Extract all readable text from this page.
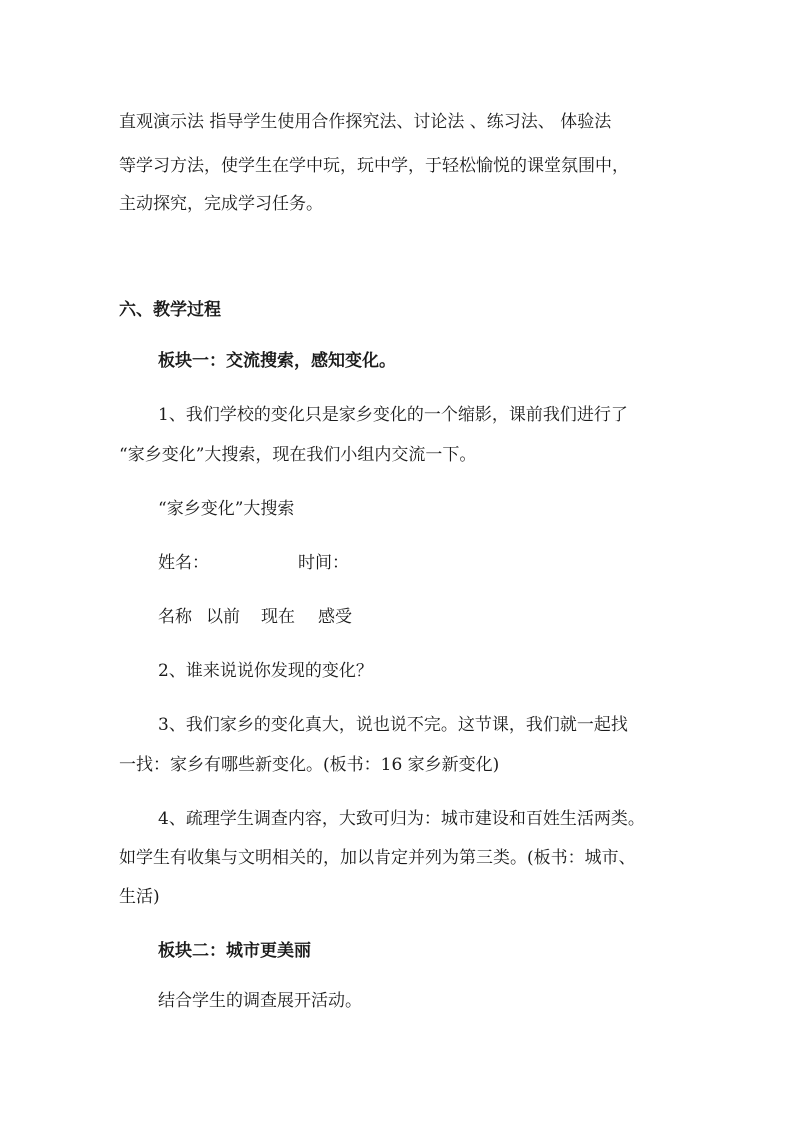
直观演示法 指导学生使用合作探究法、讨论法 、练习法、 体验法
等学习方法，使学生在学中玩，玩中学，于轻松愉悦的课堂氛围中，
主动探究，完成学习任务。
六、教学过程
板块一：交流搜索，感知变化。
1、我们学校的变化只是家乡变化的一个缩影，课前我们进行了
“家乡变化”大搜索，现在我们小组内交流一下。
“家乡变化”大搜索
姓名：	时间：
名称 以前 现在 感受
2、谁来说说你发现的变化？
3、我们家乡的变化真大，说也说不完。这节课，我们就一起找
一找：家乡有哪些新变化。(板书：16 家乡新变化)
4、疏理学生调查内容，大致可归为：城市建设和百姓生活两类。
如学生有收集与文明相关的，加以肯定并列为第三类。(板书：城市、
生活)
板块二：城市更美丽
结合学生的调查展开活动。
